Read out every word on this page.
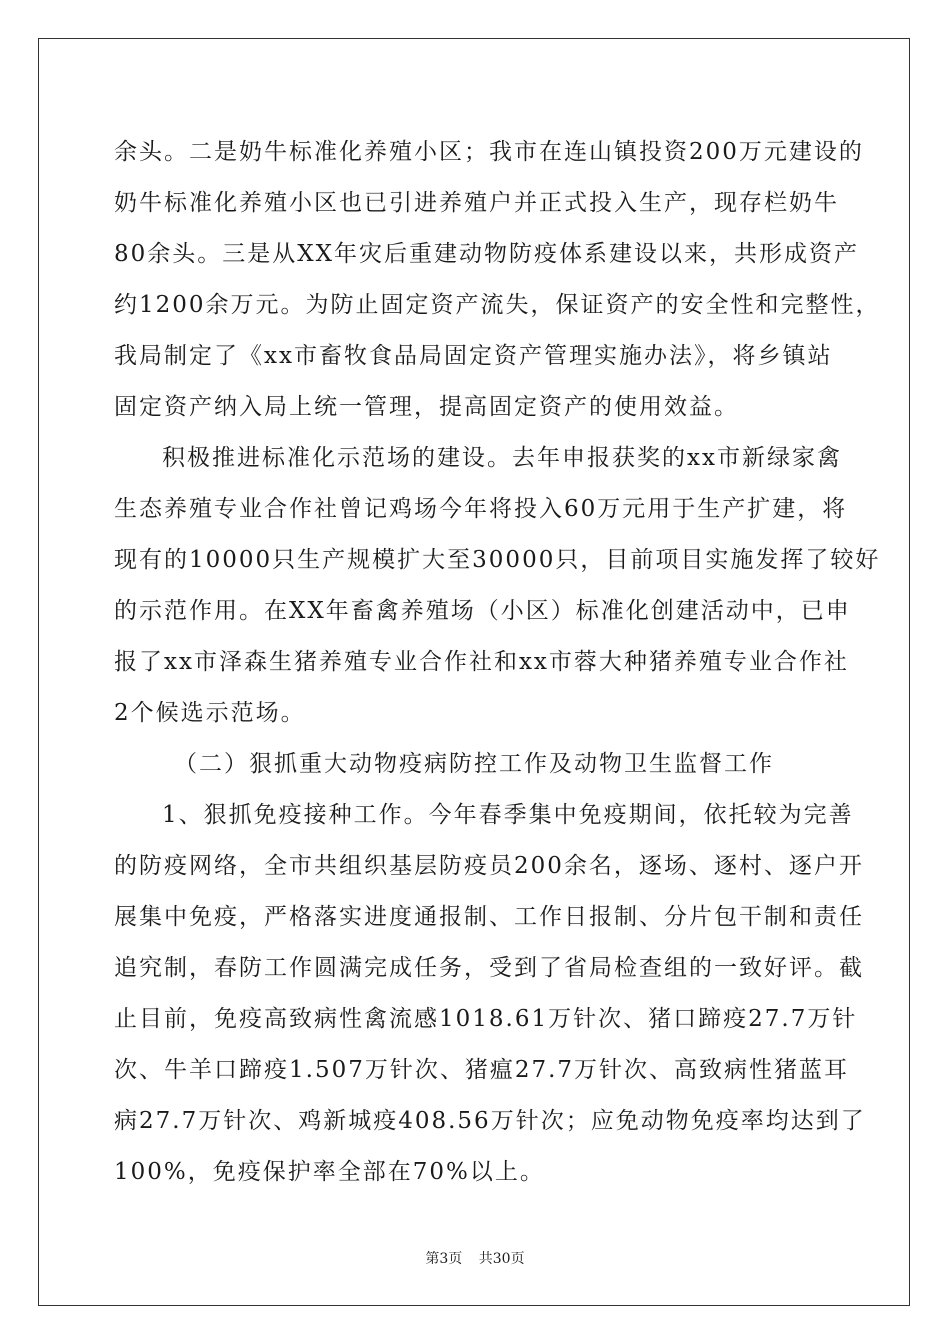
余头。二是奶牛标准化养殖小区；我市在连山镇投资200万元建设的
奶牛标准化养殖小区也已引进养殖户并正式投入生产，现存栏奶牛
80余头。三是从XX年灾后重建动物防疫体系建设以来，共形成资产
约1200余万元。为防止固定资产流失，保证资产的安全性和完整性，
我局制定了《xx市畜牧食品局固定资产管理实施办法》，将乡镇站
固定资产纳入局上统一管理，提高固定资产的使用效益。
积极推进标准化示范场的建设。去年申报获奖的xx市新绿家禽
生态养殖专业合作社曾记鸡场今年将投入60万元用于生产扩建，将
现有的10000只生产规模扩大至30000只，目前项目实施发挥了较好
的示范作用。在XX年畜禽养殖场（小区）标准化创建活动中，已申
报了xx市泽森生猪养殖专业合作社和xx市蓉大种猪养殖专业合作社
2个候选示范场。
（二）狠抓重大动物疫病防控工作及动物卫生监督工作
1、狠抓免疫接种工作。今年春季集中免疫期间，依托较为完善
的防疫网络，全市共组织基层防疫员200余名，逐场、逐村、逐户开
展集中免疫，严格落实进度通报制、工作日报制、分片包干制和责任
追究制，春防工作圆满完成任务，受到了省局检查组的一致好评。截
止目前，免疫高致病性禽流感1018.61万针次、猪口蹄疫27.7万针
次、牛羊口蹄疫1.507万针次、猪瘟27.7万针次、高致病性猪蓝耳
病27.7万针次、鸡新城疫408.56万针次；应免动物免疫率均达到了
100%，免疫保护率全部在70%以上。
第3页 共30页
